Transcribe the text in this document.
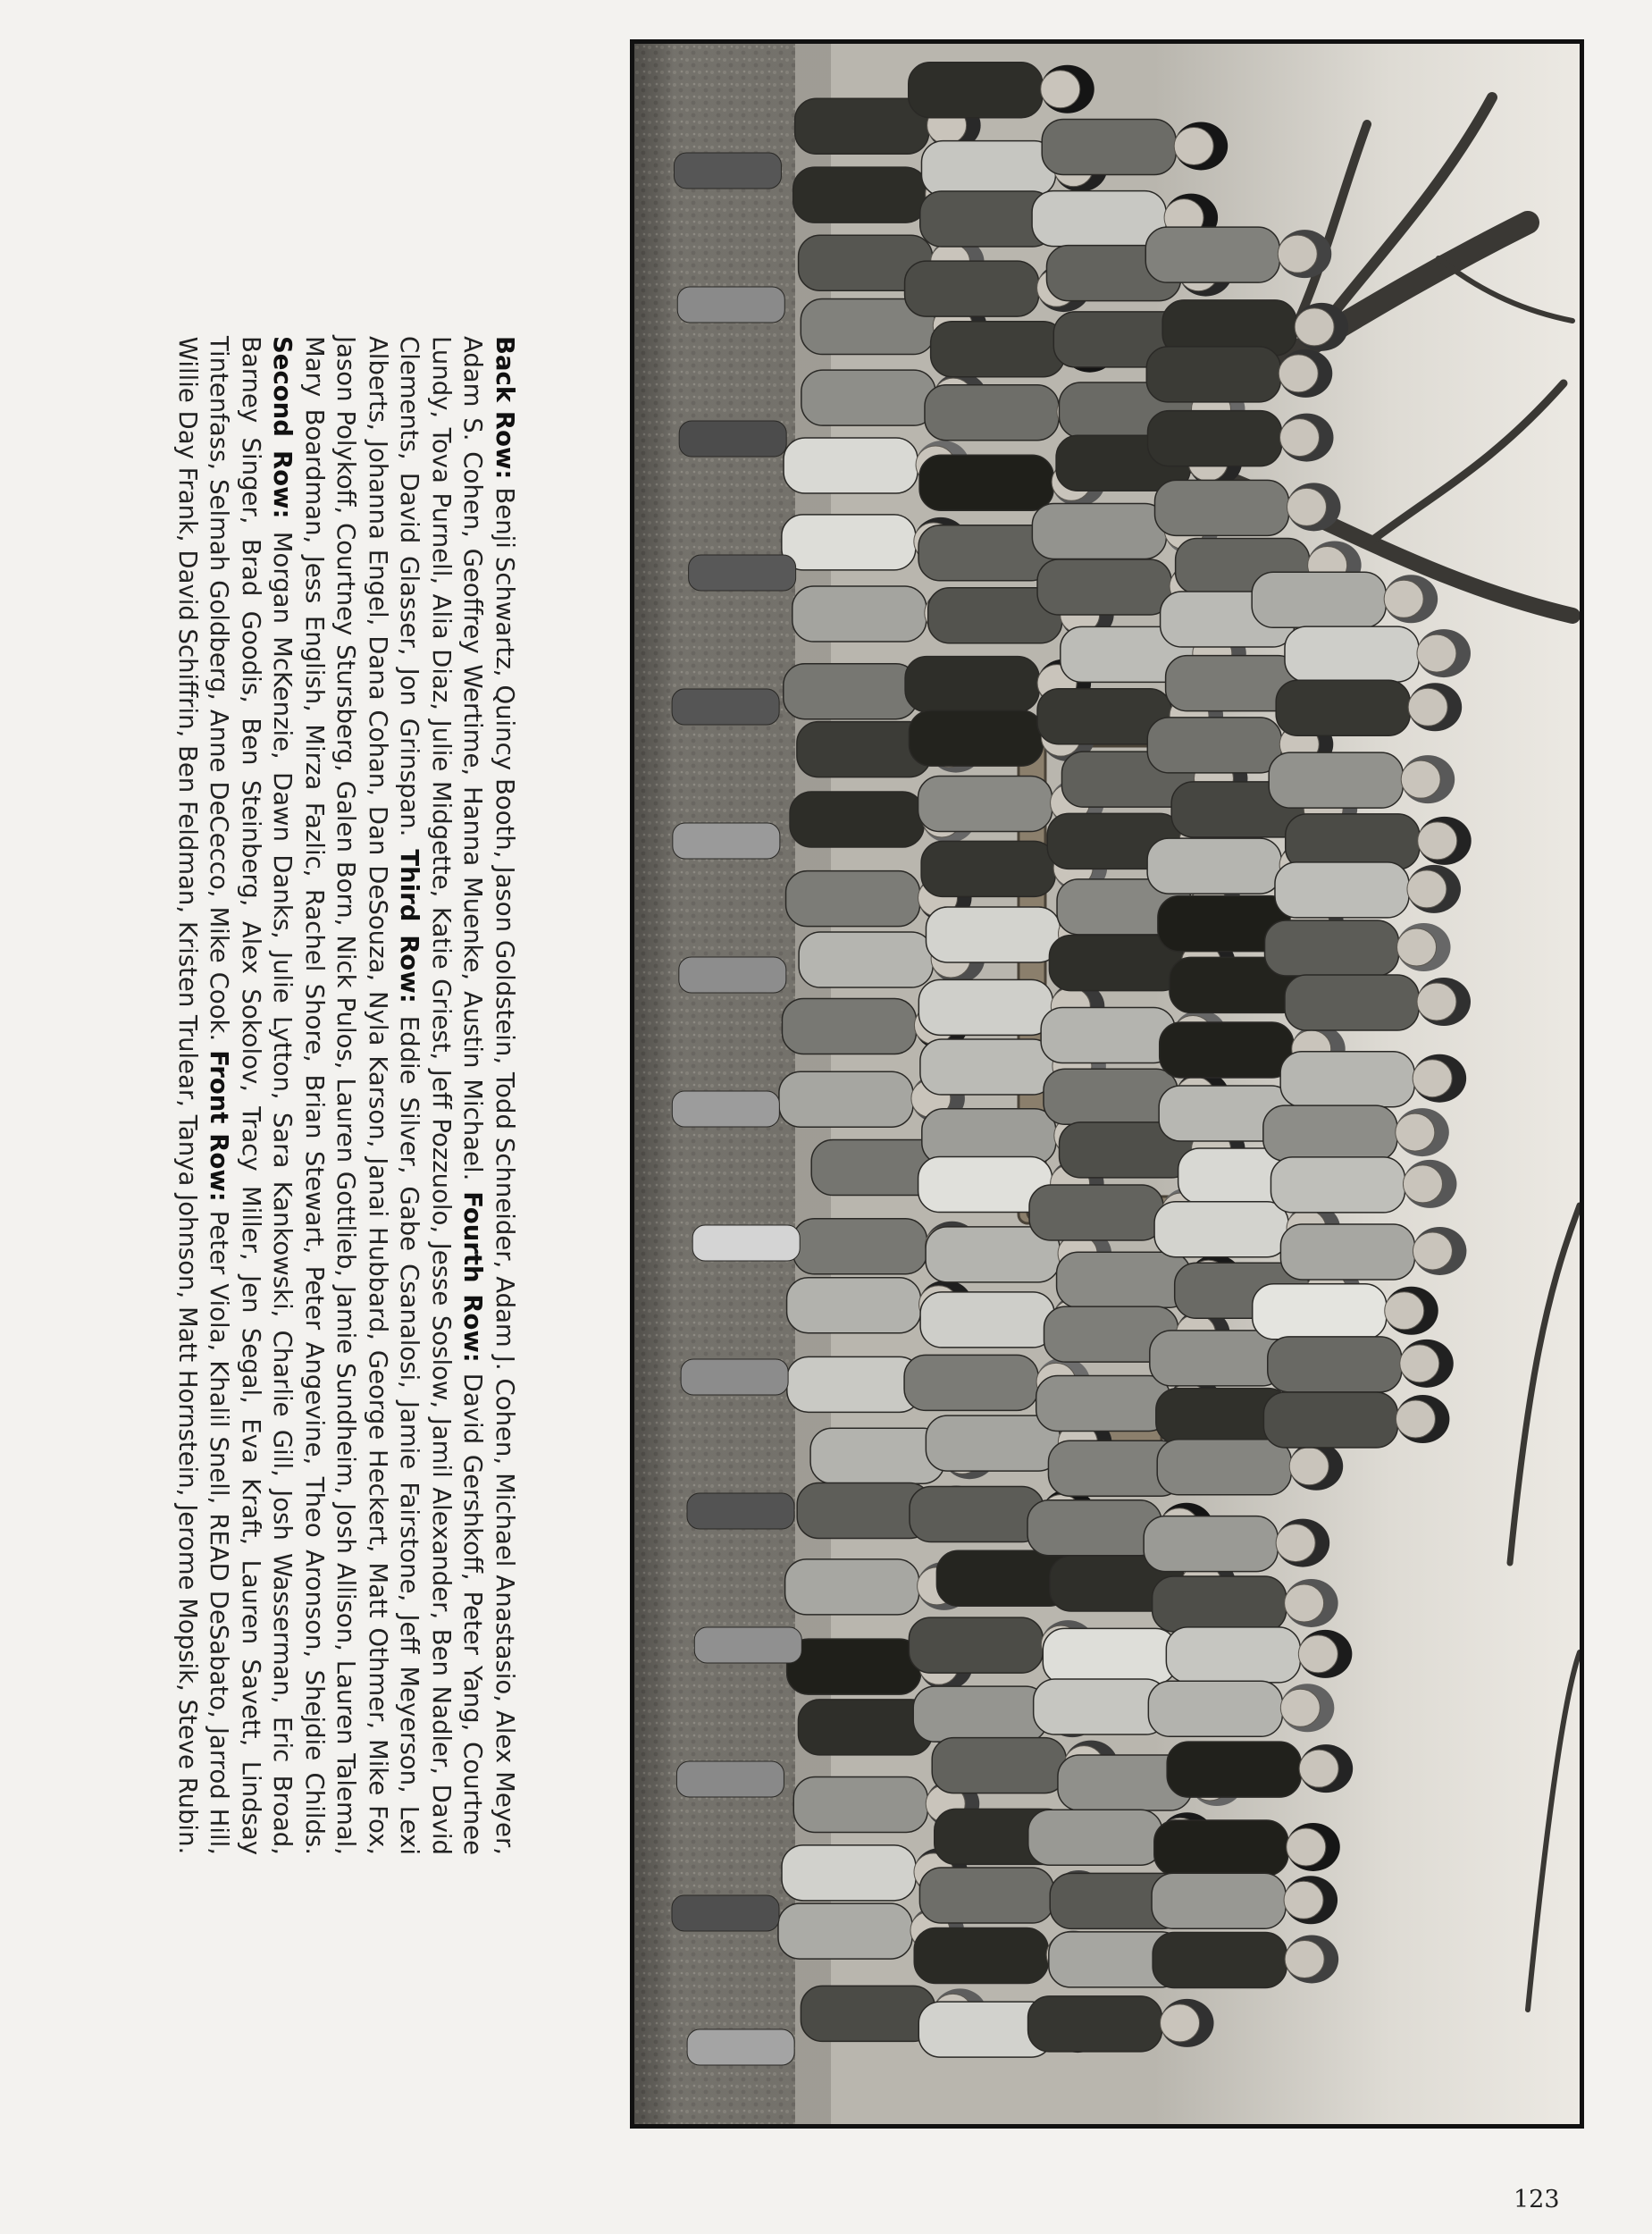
Back Row: Benji Schwartz, Quincy Booth, Jason Goldstein, Todd Schneider, Adam J. Cohen, Michael Anastasio, Alex Meyer, Adam S. Cohen, Geoffrey Wertime, Hanna Muenke, Austin Michael. Fourth Row: David Gershkoff, Peter Yang, Courtnee Lundy, Tova Purnell, Alia Diaz, Julie Midgette, Katie Griest, Jeff Pozzuolo, Jesse Soslow, Jamil Alexander, Ben Nadler, David Clements, David Glasser, Jon Grinspan. Third Row: Eddie Silver, Gabe Csanalosi, Jamie Fairstone, Jeff Meyerson, Lexi Alberts, Johanna Engel, Dana Cohan, Dan DeSouza, Nyla Karson, Janai Hubbard, George Heckert, Matt Othmer, Mike Fox, Jason Polykoff, Courtney Stursberg, Galen Born, Nick Pulos, Lauren Gottlieb, Jamie Sundheim, Josh Allison, Lauren Talemal, Mary Boardman, Jess English, Mirza Fazlic, Rachel Shore, Brian Stewart, Peter Angevine, Theo Aronson, Shejdie Childs. Second Row: Morgan McKenzie, Dawn Danks, Julie Lytton, Sara Kankowski, Charlie Gill, Josh Wasserman, Eric Broad, Barney Singer, Brad Goodis, Ben Steinberg, Alex Sokolov, Tracy Miller, Jen Segal, Eva Kraft, Lauren Savett, Lindsay Tintenfass, Selmah Goldberg, Anne DeCecco, Mike Cook. Front Row: Peter Viola, Khalil Snell, READ DeSabato, Jarrod Hill, Willie Day Frank, David Schiffrin, Ben Feldman, Kristen Trulear, Tanya Johnson, Matt Hornstein, Jerome Mopsik, Steve Rubin.
123
